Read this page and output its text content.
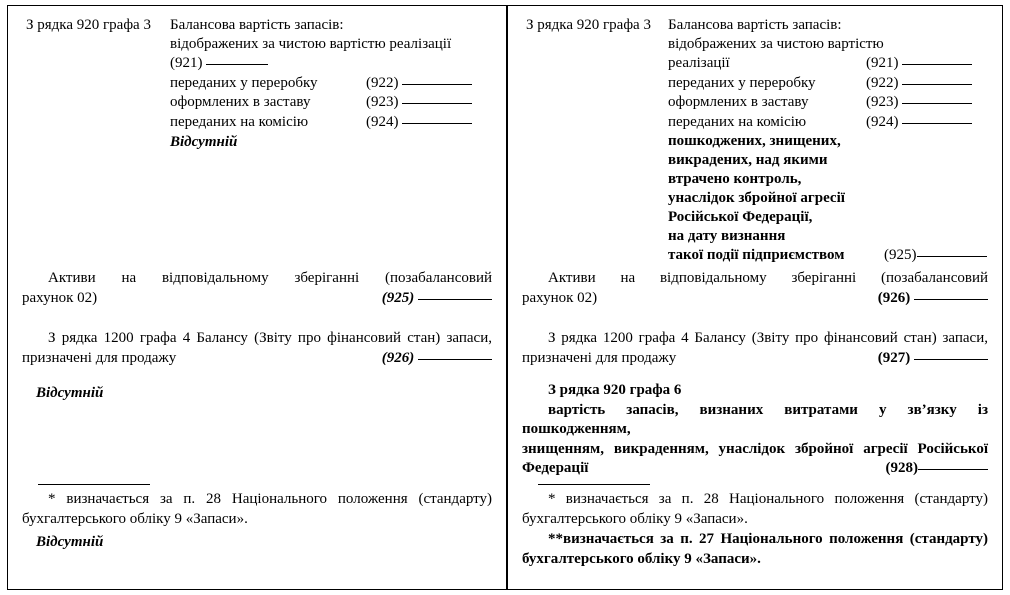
З рядка 920 графа 3 Балансова вартість запасів:
відображених за чистою вартістю реалізації
(921)
переданих у переробку	(922)
оформлених в заставу	(923)
переданих на комісію	(924)
Відсутній

Активи на відповідальному зберіганні (позабалансовий

рахунок 02)	(925)

З рядка 1200 графа 4 Балансу (Звіту про фінансовий стан) запаси,

призначені для продажу	(926)
Відсутній

* визначається за п. 28 Національного положення (стандарту)

бухгалтерського обліку 9 «Запаси».

Відсутній
З рядка 920 графа 3 Балансова вартість запасів:
відображених за чистою вартістю
реалізації	(921)
переданих у переробку	(922)
оформлених в заставу	(923)
переданих на комісію	(924)
пошкоджених, знищених,
викрадених, над якими
втрачено контроль,
унаслідок збройної агресії
Російської Федерації,
на дату визнання
такої події підприємством	(925)

Активи на відповідальному зберіганні (позабалансовий

рахунок 02)	(926)

З рядка 1200 графа 4 Балансу (Звіту про фінансовий стан) запаси,

призначені для продажу	(927)

З рядка 920 графа 6

вартість запасів, визнаних витратами у зв’язку із пошкодженням,

знищенням, викраденням, унаслідок збройної агресії Російської

Федерації	(928)

* визначається за п. 28 Національного положення (стандарту)

бухгалтерського обліку 9 «Запаси».

**визначається за п. 27 Національного положення (стандарту)

бухгалтерського обліку 9 «Запаси».
